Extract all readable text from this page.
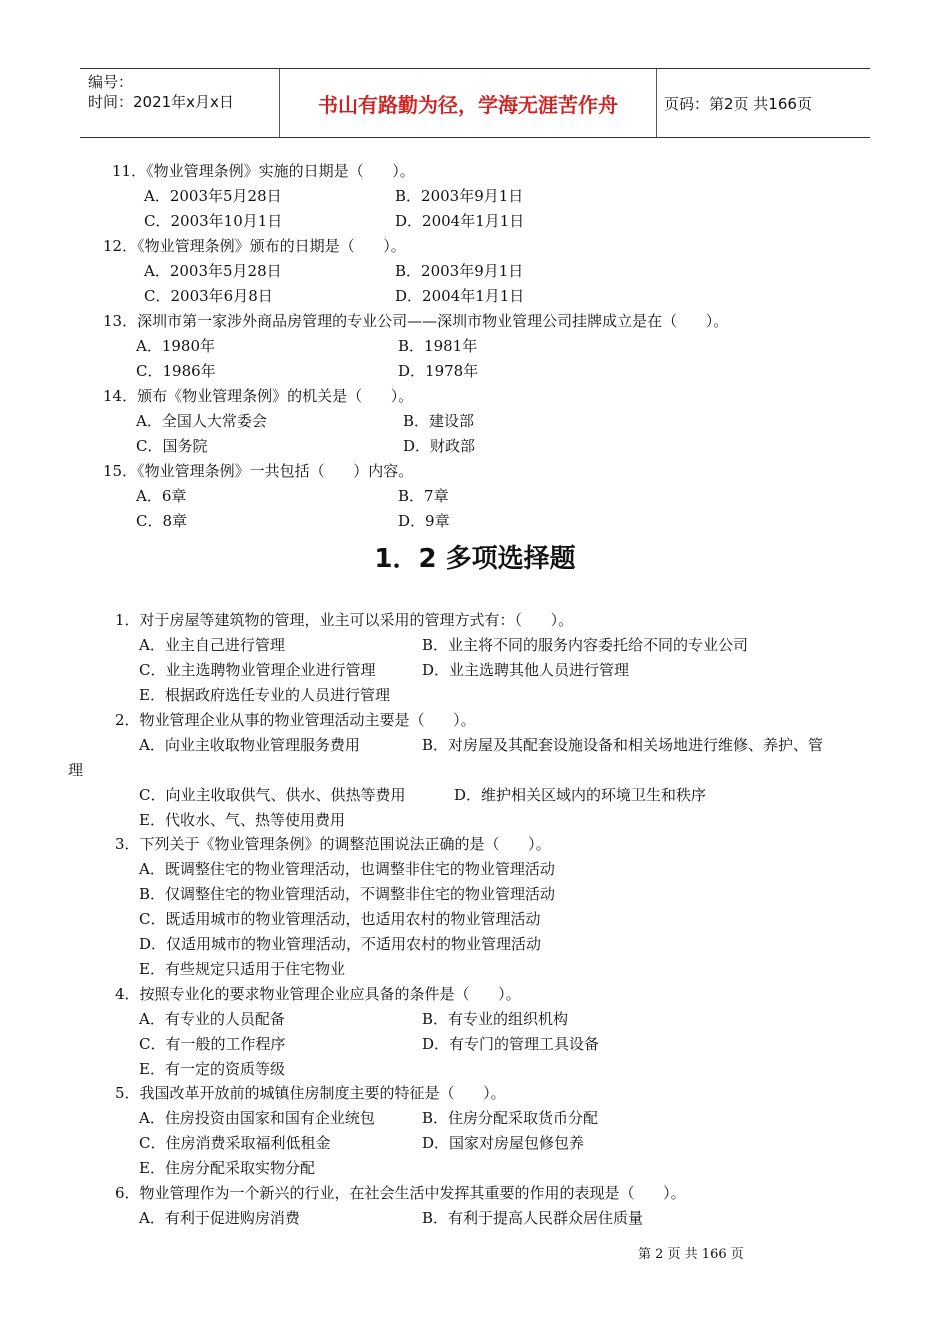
编号：
时间：2021年x月x日	书山有路勤为径，学海无涯苦作舟	页码：第2页 共166页
11．《物业管理条例》实施的日期是（      ）。
A．2003年5月28日	B．2003年9月1日
C．2003年10月1日	D．2004年1月1日
12．《物业管理条例》颁布的日期是（      ）。
A．2003年5月28日	B．2003年9月1日
C．2003年6月8日	D．2004年1月1日
13．深圳市第一家涉外商品房管理的专业公司——深圳市物业管理公司挂牌成立是在（      ）。
A．1980年	B．1981年
C．1986年	D．1978年
14．颁布《物业管理条例》的机关是（      ）。
A．全国人大常委会	B．建设部
C．国务院	D．财政部
15．《物业管理条例》一共包括（      ）内容。
A．6章	B．7章
C．8章	D．9章
1．2 多项选择题
1．对于房屋等建筑物的管理，业主可以采用的管理方式有：（      ）。
A．业主自己进行管理	B．业主将不同的服务内容委托给不同的专业公司
C．业主选聘物业管理企业进行管理	D．业主选聘其他人员进行管理
E．根据政府选任专业的人员进行管理
2．物业管理企业从事的物业管理活动主要是（      ）。
A．向业主收取物业管理服务费用	B．对房屋及其配套设施设备和相关场地进行维修、养护、管
理
C．向业主收取供气、供水、供热等费用	D．维护相关区域内的环境卫生和秩序
E．代收水、气、热等使用费用
3．下列关于《物业管理条例》的调整范围说法正确的是（      ）。
A．既调整住宅的物业管理活动，也调整非住宅的物业管理活动
B．仅调整住宅的物业管理活动，不调整非住宅的物业管理活动
C．既适用城市的物业管理活动，也适用农村的物业管理活动
D．仅适用城市的物业管理活动，不适用农村的物业管理活动
E．有些规定只适用于住宅物业
4．按照专业化的要求物业管理企业应具备的条件是（      ）。
A．有专业的人员配备	B．有专业的组织机构
C．有一般的工作程序	D．有专门的管理工具设备
E．有一定的资质等级
5．我国改革开放前的城镇住房制度主要的特征是（      ）。
A．住房投资由国家和国有企业统包	B．住房分配采取货币分配
C．住房消费采取福利低租金	D．国家对房屋包修包养
E．住房分配采取实物分配
6．物业管理作为一个新兴的行业，在社会生活中发挥其重要的作用的表现是（      ）。
A．有利于促进购房消费	B．有利于提高人民群众居住质量
第 2 页 共 166 页
